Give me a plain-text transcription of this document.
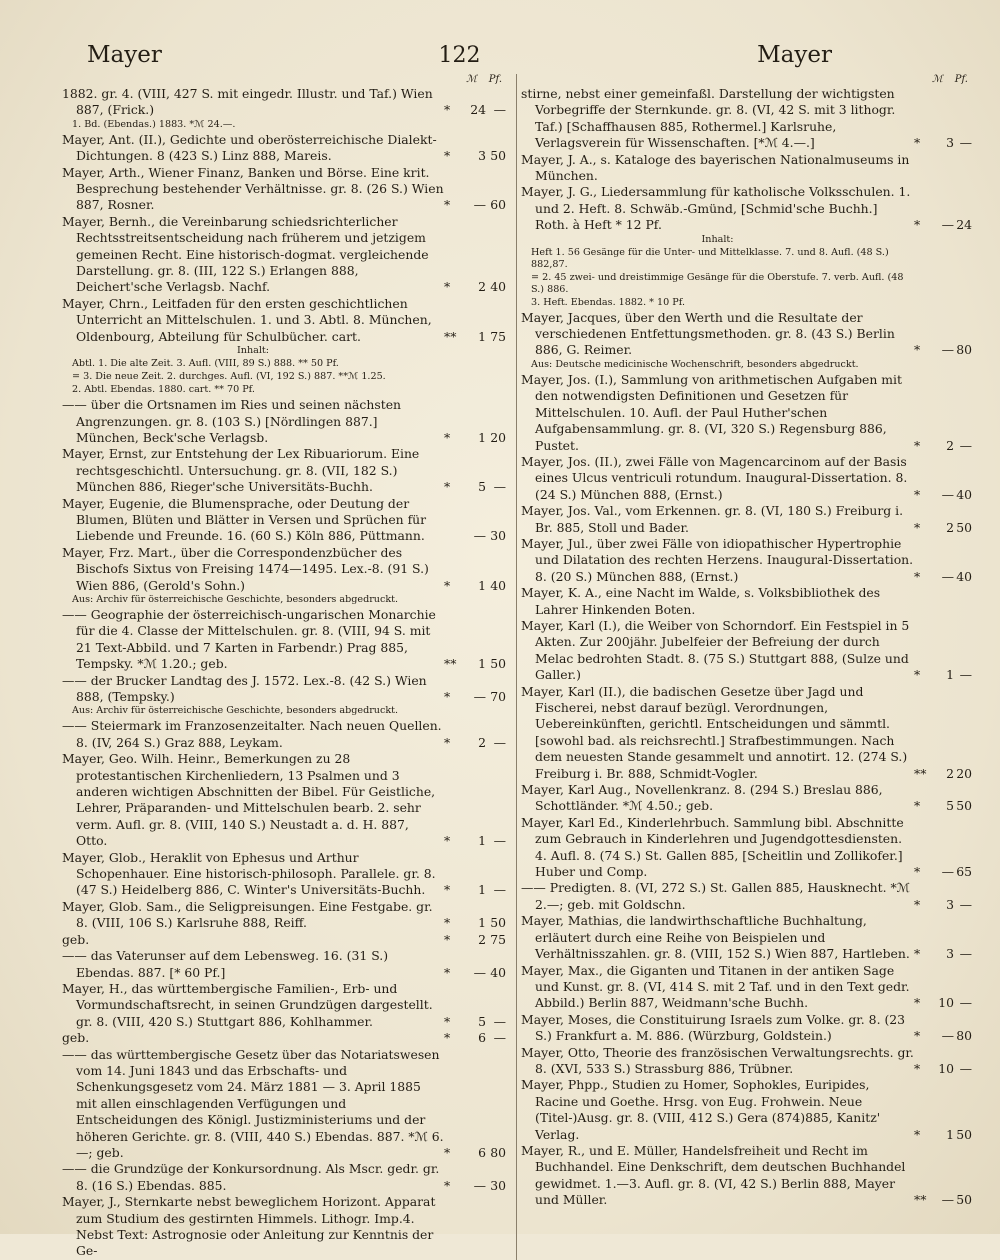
Mayer	122	Mayer
ℳ Pf.

1882. gr. 4. (VIII, 427 S. mit eingedr. Illustr. und Taf.) Wien 887, (Frick.)	*	24 —

1. Bd. (Ebendas.) 1883. *ℳ 24.—.

Mayer, Ant. (II.), Gedichte und oberösterreichische Dialekt-Dichtungen. 8 (423 S.) Linz 888, Mareis.	*	3 50

Mayer, Arth., Wiener Finanz, Banken und Börse. Eine krit. Besprechung bestehender Verhältnisse. gr. 8. (26 S.) Wien 887, Rosner.	*	— 60

Mayer, Bernh., die Vereinbarung schiedsrichterlicher Rechtsstreitsentscheidung nach früherem und jetzigem gemeinen Recht. Eine historisch-dogmat. vergleichende Darstellung. gr. 8. (III, 122 S.) Erlangen 888, Deichert'sche Verlagsb. Nachf.	*	2 40

Mayer, Chrn., Leitfaden für den ersten geschichtlichen Unterricht an Mittelschulen. 1. und 3. Abtl. 8. München, Oldenbourg, Abteilung für Schulbücher. cart.	**	1 75

Inhalt:

Abtl. 1. Die alte Zeit. 3. Aufl. (VIII, 89 S.) 888. ** 50 Pf.

= 3. Die neue Zeit. 2. durchges. Aufl. (VI, 192 S.) 887. **ℳ 1.25.

2. Abtl. Ebendas. 1880. cart. ** 70 Pf.

—— über die Ortsnamen im Ries und seinen nächsten Angrenzungen. gr. 8. (103 S.) [Nördlingen 887.] München, Beck'sche Verlagsb.	*	1 20

Mayer, Ernst, zur Entstehung der Lex Ribuariorum. Eine rechtsgeschichtl. Untersuchung. gr. 8. (VII, 182 S.) München 886, Rieger'sche Universitäts-Buchh.	*	5 —

Mayer, Eugenie, die Blumensprache, oder Deutung der Blumen, Blüten und Blätter in Versen und Sprüchen für Liebende und Freunde. 16. (60 S.) Köln 886, Püttmann.	— 30

Mayer, Frz. Mart., über die Correspondenzbücher des Bischofs Sixtus von Freising 1474—1495. Lex.-8. (91 S.) Wien 886, (Gerold's Sohn.)	*	1 40

Aus: Archiv für österreichische Geschichte, besonders abgedruckt.

—— Geographie der österreichisch-ungarischen Monarchie für die 4. Classe der Mittelschulen. gr. 8. (VIII, 94 S. mit 21 Text-Abbild. und 7 Karten in Farbendr.) Prag 885, Tempsky. *ℳ 1.20.; geb.	**	1 50

—— der Brucker Landtag des J. 1572. Lex.-8. (42 S.) Wien 888, (Tempsky.)	*	— 70

Aus: Archiv für österreichische Geschichte, besonders abgedruckt.

—— Steiermark im Franzosenzeitalter. Nach neuen Quellen. 8. (IV, 264 S.) Graz 888, Leykam.	*	2 —

Mayer, Geo. Wilh. Heinr., Bemerkungen zu 28 protestantischen Kirchenliedern, 13 Psalmen und 3 anderen wichtigen Abschnitten der Bibel. Für Geistliche, Lehrer, Präparanden- und Mittelschulen bearb. 2. sehr verm. Aufl. gr. 8. (VIII, 140 S.) Neustadt a. d. H. 887, Otto.	*	1 —

Mayer, Glob., Heraklit von Ephesus und Arthur Schopenhauer. Eine historisch-philosoph. Parallele. gr. 8. (47 S.) Heidelberg 886, C. Winter's Universitäts-Buchh. *	1 —

Mayer, Glob. Sam., die Seligpreisungen. Eine Festgabe. gr. 8. (VIII, 106 S.) Karlsruhe 888, Reiff.	*	1 50

geb.	*	2 75

—— das Vaterunser auf dem Lebensweg. 16. (31 S.) Ebendas. 887. [* 60 Pf.]	*	— 40

Mayer, H., das württembergische Familien-, Erb- und Vormundschaftsrecht, in seinen Grundzügen dargestellt. gr. 8. (VIII, 420 S.) Stuttgart 886, Kohlhammer.	*	5 —

geb.	*	6 —

—— das württembergische Gesetz über das Notariatswesen vom 14. Juni 1843 und das Erbschafts- und Schenkungsgesetz vom 24. März 1881 — 3. April 1885 mit allen einschlagenden Verfügungen und Entscheidungen des Königl. Justizministeriums und der höheren Gerichte. gr. 8. (VIII, 440 S.) Ebendas. 887. *ℳ 6.—; geb.	*	6 80

—— die Grundzüge der Konkursordnung. Als Mscr. gedr. gr. 8. (16 S.) Ebendas. 885.	*	— 30

Mayer, J., Sternkarte nebst beweglichem Horizont. Apparat zum Studium des gestirnten Himmels. Lithogr. Imp.4. Nebst Text: Astrognosie oder Anleitung zur Kenntnis der Ge-

ℳ Pf.

stirne, nebst einer gemeinfaßl. Darstellung der wichtigsten Vorbegriffe der Sternkunde. gr. 8. (VI, 42 S. mit 3 lithogr. Taf.) [Schaffhausen 885, Rothermel.] Karlsruhe, Verlagsverein für Wissenschaften. [*ℳ 4.—.]	*	3 —

Mayer, J. A., s. Kataloge des bayerischen Nationalmuseums in München.

Mayer, J. G., Liedersammlung für katholische Volksschulen. 1. und 2. Heft. 8. Schwäb.-Gmünd, [Schmid'sche Buchh.] Roth. à Heft * 12 Pf.	*	— 24

Inhalt:

Heft 1. 56 Gesänge für die Unter- und Mittelklasse. 7. und 8. Aufl. (48 S.) 882,87.

= 2. 45 zwei- und dreistimmige Gesänge für die Oberstufe. 7. verb. Aufl. (48 S.) 886.

3. Heft. Ebendas. 1882. * 10 Pf.

Mayer, Jacques, über den Werth und die Resultate der verschiedenen Entfettungsmethoden. gr. 8. (43 S.) Berlin 886, G. Reimer.	*	— 80

Aus: Deutsche medicinische Wochenschrift, besonders abgedruckt.

Mayer, Jos. (I.), Sammlung von arithmetischen Aufgaben mit den notwendigsten Definitionen und Gesetzen für Mittelschulen. 10. Aufl. der Paul Huther'schen Aufgabensammlung. gr. 8. (VI, 320 S.) Regensburg 886, Pustet.	*	2 —

Mayer, Jos. (II.), zwei Fälle von Magencarcinom auf der Basis eines Ulcus ventriculi rotundum. Inaugural-Dissertation. 8. (24 S.) München 888, (Ernst.)	*	— 40

Mayer, Jos. Val., vom Erkennen. gr. 8. (VI, 180 S.) Freiburg i. Br. 885, Stoll und Bader.	*	2 50

Mayer, Jul., über zwei Fälle von idiopathischer Hypertrophie und Dilatation des rechten Herzens. Inaugural-Dissertation. 8. (20 S.) München 888, (Ernst.)	*	— 40

Mayer, K. A., eine Nacht im Walde, s. Volksbibliothek des Lahrer Hinkenden Boten.

Mayer, Karl (I.), die Weiber von Schorndorf. Ein Festspiel in 5 Akten. Zur 200jähr. Jubelfeier der Befreiung der durch Melac bedrohten Stadt. 8. (75 S.) Stuttgart 888, (Sulze und Galler.)	*	1 —

Mayer, Karl (II.), die badischen Gesetze über Jagd und Fischerei, nebst darauf bezügl. Verordnungen, Uebereinkünften, gerichtl. Entscheidungen und sämmtl. [sowohl bad. als reichsrechtl.] Strafbestimmungen. Nach dem neuesten Stande gesammelt und annotirt. 12. (274 S.) Freiburg i. Br. 888, Schmidt-Vogler.	**	2 20

Mayer, Karl Aug., Novellenkranz. 8. (294 S.) Breslau 886, Schottländer. *ℳ 4.50.; geb.	*	5 50

Mayer, Karl Ed., Kinderlehrbuch. Sammlung bibl. Abschnitte zum Gebrauch in Kinderlehren und Jugendgottesdiensten. 4. Aufl. 8. (74 S.) St. Gallen 885, [Scheitlin und Zollikofer.] Huber und Comp.	*	— 65

—— Predigten. 8. (VI, 272 S.) St. Gallen 885, Hausknecht. *ℳ 2.—; geb. mit Goldschn.	*	3 —

Mayer, Mathias, die landwirthschaftliche Buchhaltung, erläutert durch eine Reihe von Beispielen und Verhältnisszahlen. gr. 8. (VIII, 152 S.) Wien 887, Hartleben. *	3 —

Mayer, Max., die Giganten und Titanen in der antiken Sage und Kunst. gr. 8. (VI, 414 S. mit 2 Taf. und in den Text gedr. Abbild.) Berlin 887, Weidmann'sche Buchh.	*	10 —

Mayer, Moses, die Constituirung Israels zum Volke. gr. 8. (23 S.) Frankfurt a. M. 886. (Würzburg, Goldstein.)	*	— 80

Mayer, Otto, Theorie des französischen Verwaltungsrechts. gr. 8. (XVI, 533 S.) Strassburg 886, Trübner.	*	10 —

Mayer, Phpp., Studien zu Homer, Sophokles, Euripides, Racine und Goethe. Hrsg. von Eug. Frohwein. Neue (Titel-)Ausg. gr. 8. (VIII, 412 S.) Gera (874)885, Kanitz' Verlag.	*	1 50

Mayer, R., und E. Müller, Handelsfreiheit und Recht im Buchhandel. Eine Denkschrift, dem deutschen Buchhandel gewidmet. 1.—3. Aufl. gr. 8. (VI, 42 S.) Berlin 888, Mayer und Müller.	**	— 50
